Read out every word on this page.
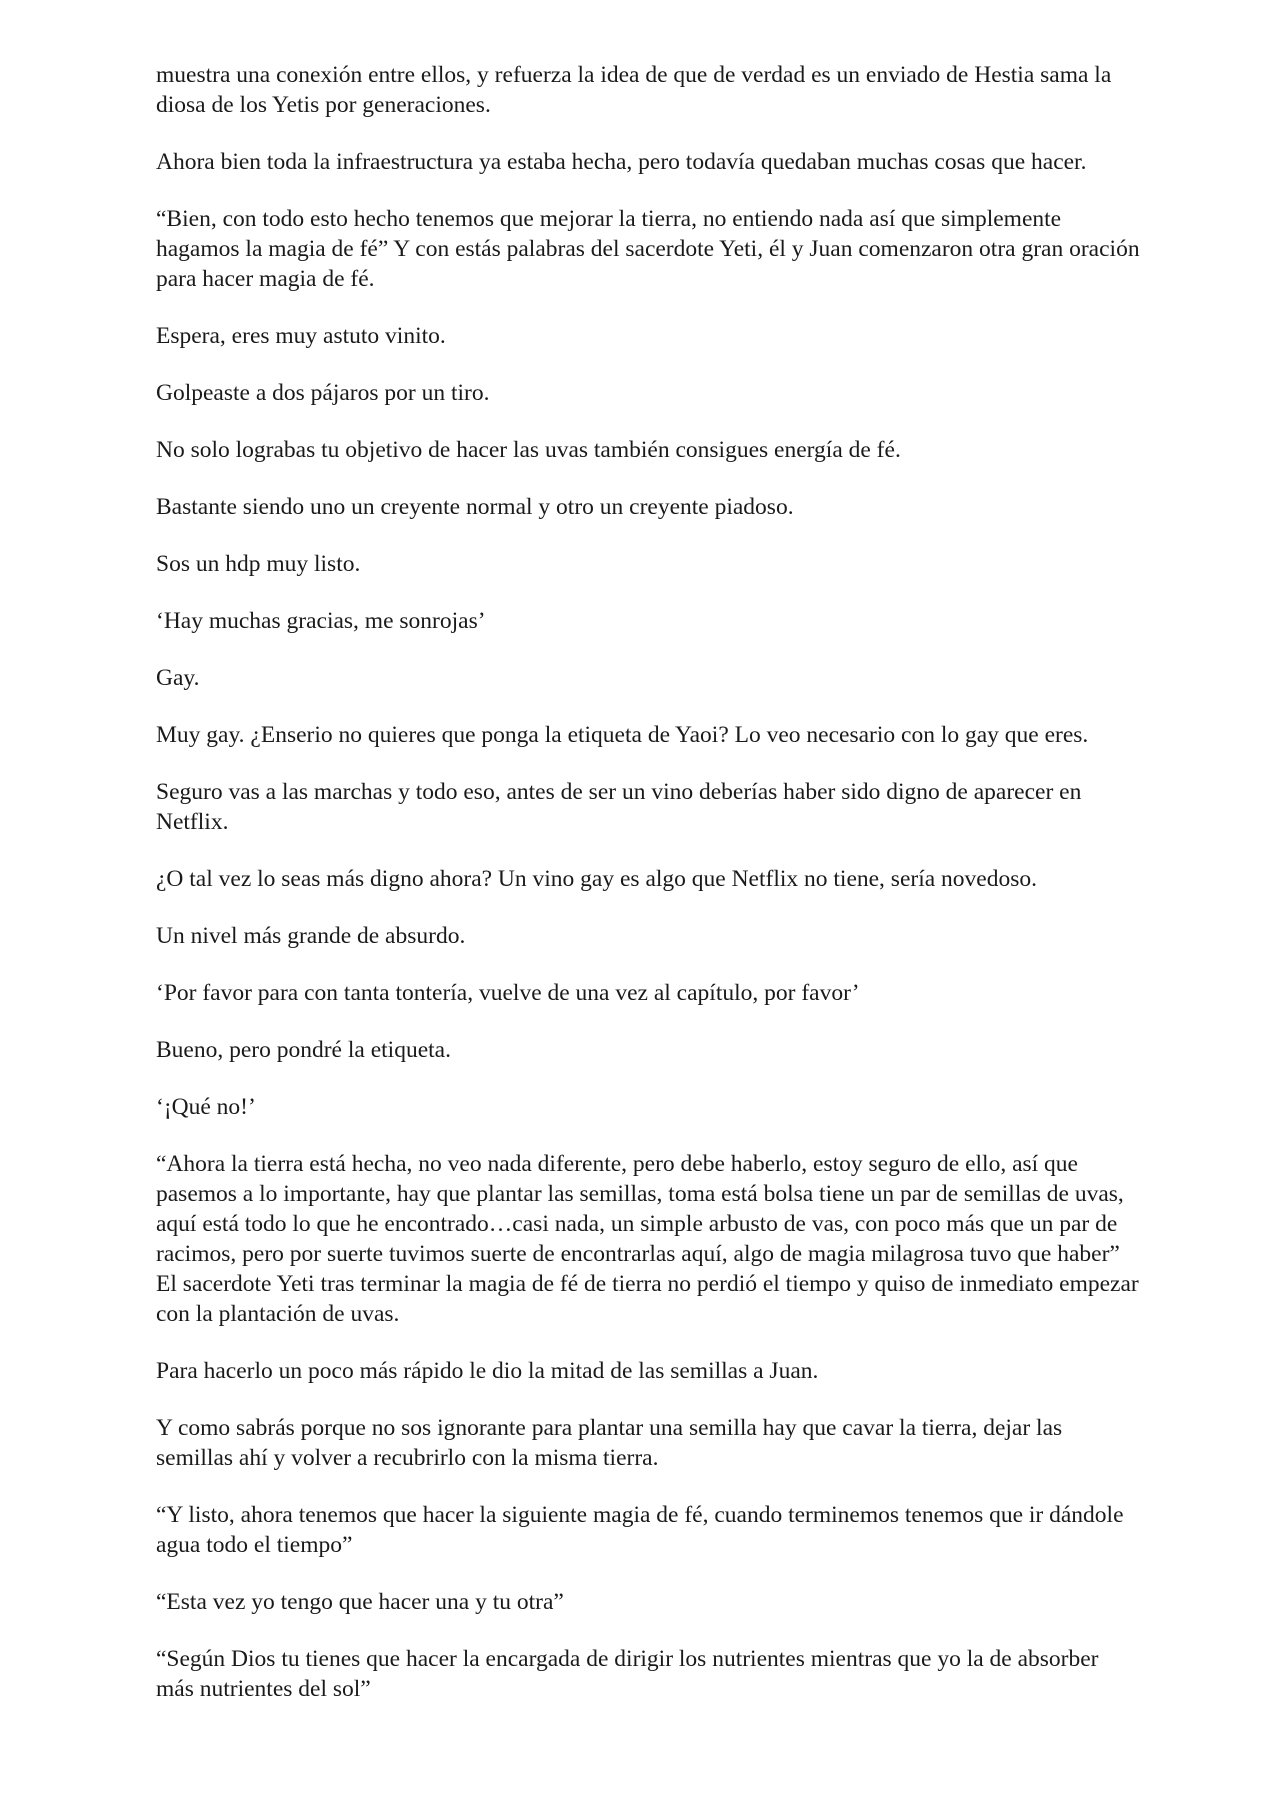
muestra una conexión entre ellos, y refuerza la idea de que de verdad es un enviado de Hestia sama la diosa de los Yetis por generaciones.

Ahora bien toda la infraestructura ya estaba hecha, pero todavía quedaban muchas cosas que hacer.

“Bien, con todo esto hecho tenemos que mejorar la tierra, no entiendo nada así que simplemente hagamos la magia de fé” Y con estás palabras del sacerdote Yeti, él y Juan comenzaron otra gran oración para hacer magia de fé.

Espera, eres muy astuto vinito.

Golpeaste a dos pájaros por un tiro.

No solo lograbas tu objetivo de hacer las uvas también consigues energía de fé.

Bastante siendo uno un creyente normal y otro un creyente piadoso.

Sos un hdp muy listo.

‘Hay muchas gracias, me sonrojas’

Gay.

Muy gay. ¿Enserio no quieres que ponga la etiqueta de Yaoi? Lo veo necesario con lo gay que eres.

Seguro vas a las marchas y todo eso, antes de ser un vino deberías haber sido digno de aparecer en Netflix.

¿O tal vez lo seas más digno ahora? Un vino gay es algo que Netflix no tiene, sería novedoso.

Un nivel más grande de absurdo.

‘Por favor para con tanta tontería, vuelve de una vez al capítulo, por favor’

Bueno, pero pondré la etiqueta.

‘¡Qué no!’

“Ahora la tierra está hecha, no veo nada diferente, pero debe haberlo, estoy seguro de ello, así que pasemos a lo importante, hay que plantar las semillas, toma está bolsa tiene un par de semillas de uvas, aquí está todo lo que he encontrado…casi nada, un simple arbusto de vas, con poco más que un par de racimos, pero por suerte tuvimos suerte de encontrarlas aquí, algo de magia milagrosa tuvo que haber” El sacerdote Yeti tras terminar la magia de fé de tierra no perdió el tiempo y quiso de inmediato empezar con la plantación de uvas.

Para hacerlo un poco más rápido le dio la mitad de las semillas a Juan.

Y como sabrás porque no sos ignorante para plantar una semilla hay que cavar la tierra, dejar las semillas ahí y volver a recubrirlo con la misma tierra.

“Y listo, ahora tenemos que hacer la siguiente magia de fé, cuando terminemos tenemos que ir dándole agua todo el tiempo”

“Esta vez yo tengo que hacer una y tu otra”

“Según Dios tu tienes que hacer la encargada de dirigir los nutrientes mientras que yo la de absorber más nutrientes del sol”
